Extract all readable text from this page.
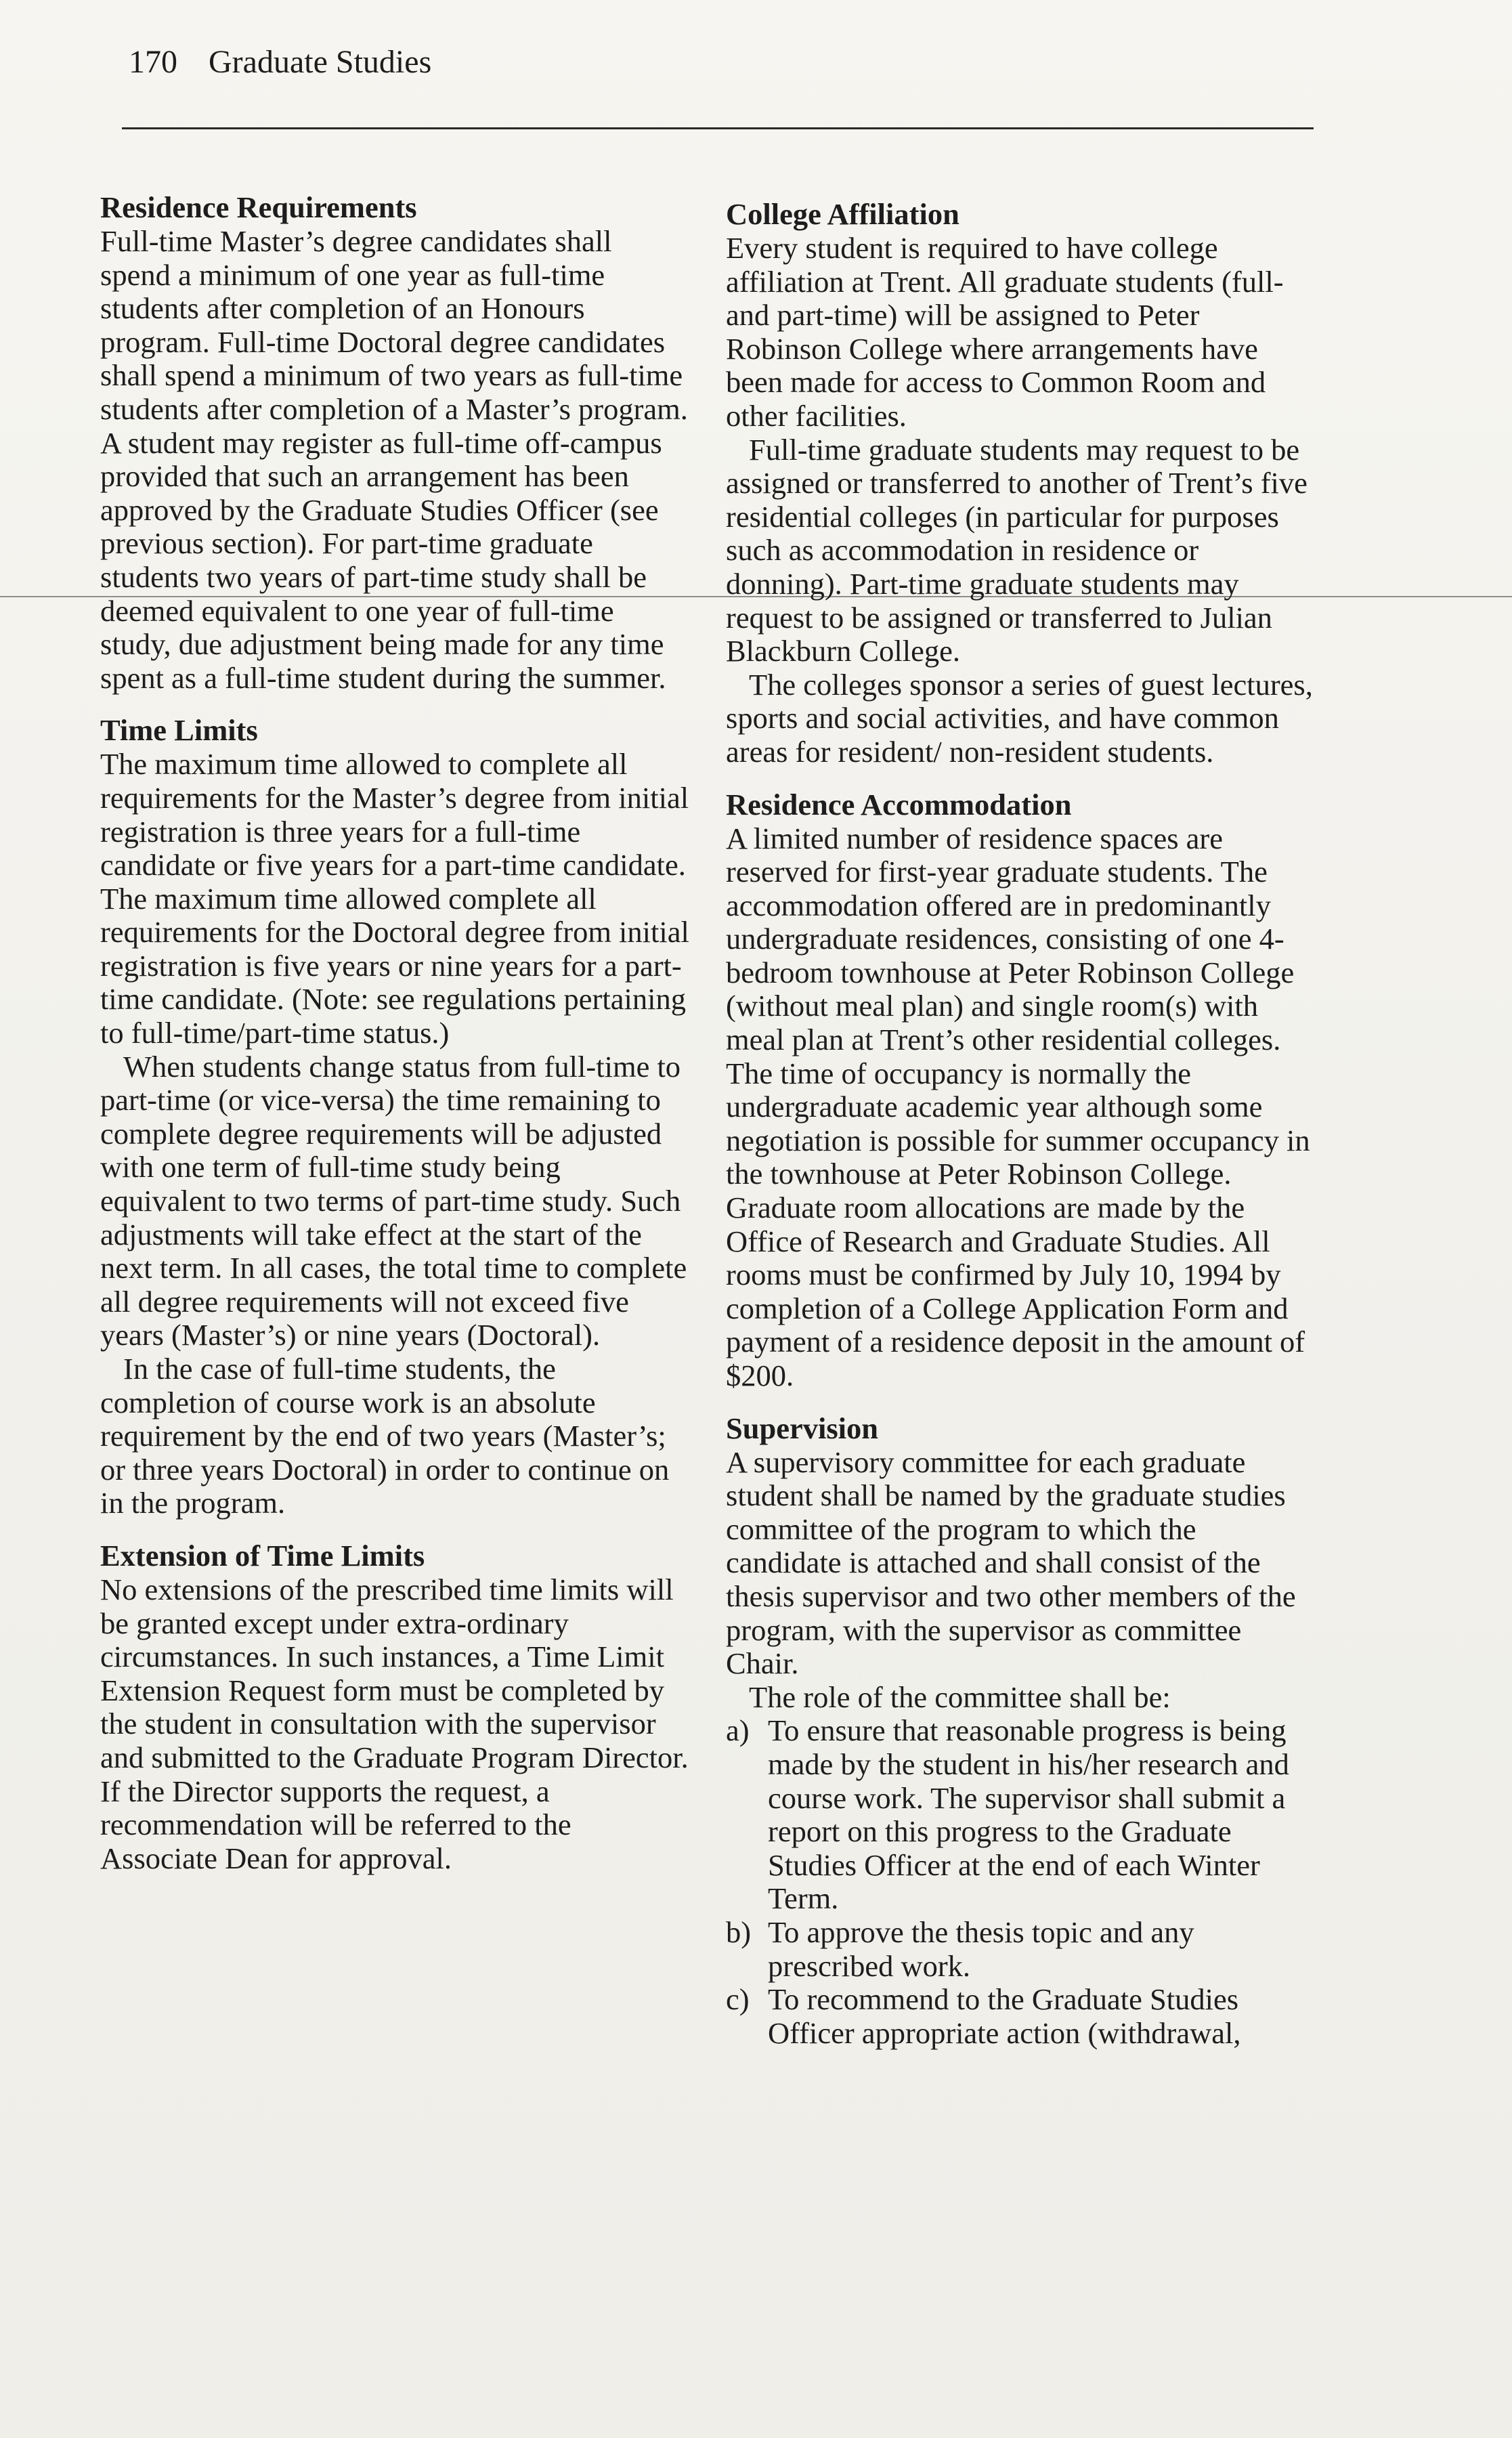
170 Graduate Studies
Residence Requirements

Full-time Master’s degree candidates shall spend a minimum of one year as full-time students after completion of an Honours program. Full-time Doctoral degree candidates shall spend a minimum of two years as full-time students after completion of a Master’s program. A student may register as full-time off-campus provided that such an arrangement has been approved by the Graduate Studies Officer (see previous section). For part-time graduate students two years of part-time study shall be deemed equivalent to one year of full-time study, due adjustment being made for any time spent as a full-time student during the summer.

Time Limits

The maximum time allowed to complete all requirements for the Master’s degree from initial registration is three years for a full-time candidate or five years for a part-time candidate. The maximum time allowed complete all requirements for the Doctoral degree from initial registration is five years or nine years for a part-time candidate. (Note: see regulations pertaining to full-time/part-time status.)

When students change status from full-time to part-time (or vice-versa) the time remaining to complete degree requirements will be adjusted with one term of full-time study being equivalent to two terms of part-time study. Such adjustments will take effect at the start of the next term. In all cases, the total time to complete all degree requirements will not exceed five years (Master’s) or nine years (Doctoral).

In the case of full-time students, the completion of course work is an absolute requirement by the end of two years (Master’s; or three years Doctoral) in order to continue on in the program.

Extension of Time Limits

No extensions of the prescribed time limits will be granted except under extra-ordinary circumstances. In such instances, a Time Limit Extension Request form must be completed by the student in consultation with the supervisor and submitted to the Graduate Program Director. If the Director supports the request, a recommendation will be referred to the Associate Dean for approval.

College Affiliation

Every student is required to have college affiliation at Trent. All graduate students (full- and part-time) will be assigned to Peter Robinson College where arrangements have been made for access to Common Room and other facilities.

Full-time graduate students may request to be assigned or transferred to another of Trent’s five residential colleges (in particular for purposes such as accommodation in residence or donning). Part-time graduate students may request to be assigned or transferred to Julian Blackburn College.

The colleges sponsor a series of guest lectures, sports and social activities, and have common areas for resident/ non-resident students.

Residence Accommodation

A limited number of residence spaces are reserved for first-year graduate students. The accommodation offered are in predominantly undergraduate residences, consisting of one 4-bedroom townhouse at Peter Robinson College (without meal plan) and single room(s) with meal plan at Trent’s other residential colleges. The time of occupancy is normally the undergraduate academic year although some negotiation is possible for summer occupancy in the townhouse at Peter Robinson College. Graduate room allocations are made by the Office of Research and Graduate Studies. All rooms must be confirmed by July 10, 1994 by completion of a College Application Form and payment of a residence deposit in the amount of $200.

Supervision

A supervisory committee for each graduate student shall be named by the graduate studies committee of the program to which the candidate is attached and shall consist of the thesis supervisor and two other members of the program, with the supervisor as committee Chair.

The role of the committee shall be:

a) To ensure that reasonable progress is being made by the student in his/her research and course work. The supervisor shall submit a report on this progress to the Graduate Studies Officer at the end of each Winter Term.
b) To approve the thesis topic and any prescribed work.
c) To recommend to the Graduate Studies Officer appropriate action (withdrawal,
